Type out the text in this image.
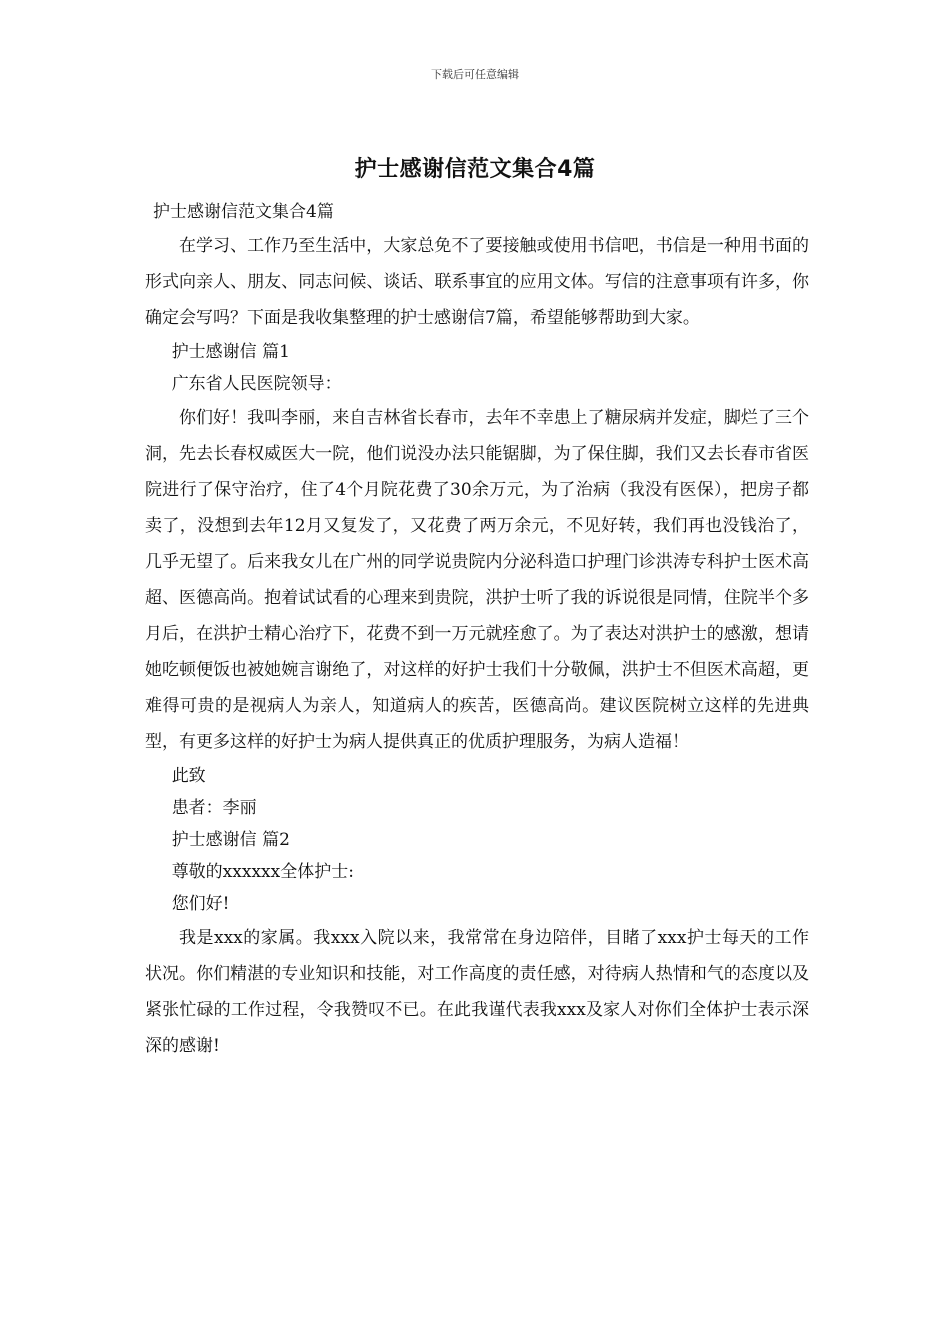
下载后可任意编辑
护士感谢信范文集合4篇

护士感谢信范文集合4篇

在学习、工作乃至生活中，大家总免不了要接触或使用书信吧，书信是一种用书面的形式向亲人、朋友、同志问候、谈话、联系事宜的应用文体。写信的注意事项有许多，你确定会写吗？下面是我收集整理的护士感谢信7篇，希望能够帮助到大家。

护士感谢信 篇1

广东省人民医院领导：

你们好！我叫李丽，来自吉林省长春市，去年不幸患上了糖尿病并发症，脚烂了三个洞，先去长春权威医大一院，他们说没办法只能锯脚，为了保住脚，我们又去长春市省医院进行了保守治疗，住了4个月院花费了30余万元，为了治病（我没有医保），把房子都卖了，没想到去年12月又复发了，又花费了两万余元，不见好转，我们再也没钱治了，几乎无望了。后来我女儿在广州的同学说贵院内分泌科造口护理门诊洪涛专科护士医术高超、医德高尚。抱着试试看的心理来到贵院，洪护士听了我的诉说很是同情，住院半个多月后，在洪护士精心治疗下，花费不到一万元就痊愈了。为了表达对洪护士的感激，想请她吃顿便饭也被她婉言谢绝了，对这样的好护士我们十分敬佩，洪护士不但医术高超，更难得可贵的是视病人为亲人，知道病人的疾苦，医德高尚。建议医院树立这样的先进典型，有更多这样的好护士为病人提供真正的优质护理服务，为病人造福！

此致

患者：李丽

护士感谢信 篇2

尊敬的xxxxxx全体护士:

您们好!

我是xxx的家属。我xxx入院以来，我常常在身边陪伴，目睹了xxx护士每天的工作状况。你们精湛的专业知识和技能，对工作高度的责任感，对待病人热情和气的态度以及紧张忙碌的工作过程，令我赞叹不已。在此我谨代表我xxx及家人对你们全体护士表示深深的感谢!
